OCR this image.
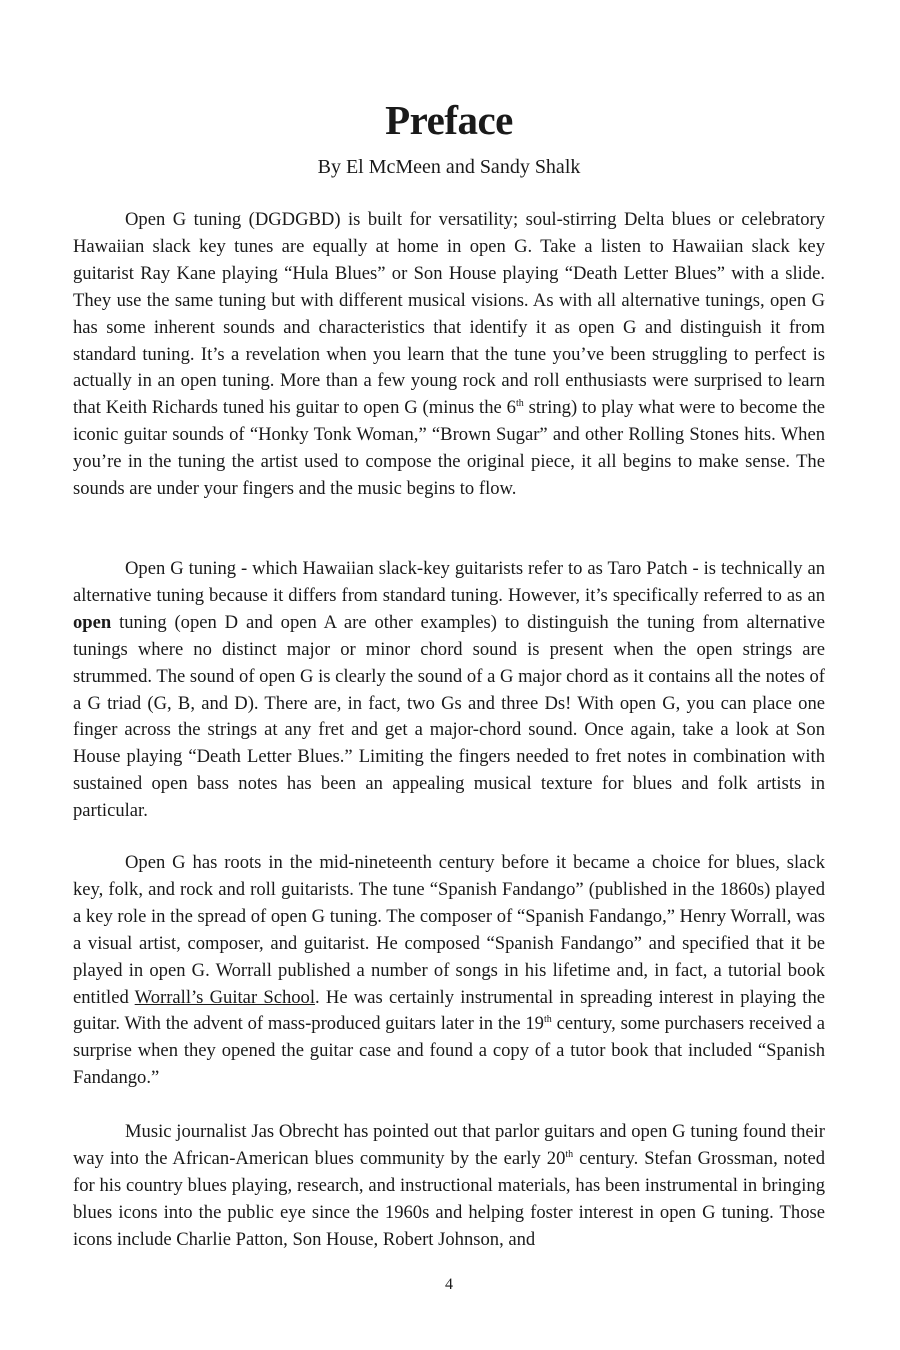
Preface

By El McMeen and Sandy Shalk

Open G tuning (DGDGBD) is built for versatility; soul-stirring Delta blues or celebratory Hawaiian slack key tunes are equally at home in open G. Take a listen to Hawaiian slack key guitarist Ray Kane playing “Hula Blues” or Son House playing “Death Letter Blues” with a slide. They use the same tuning but with different musical visions. As with all alternative tunings, open G has some inherent sounds and characteristics that identify it as open G and distinguish it from standard tuning. It’s a revelation when you learn that the tune you’ve been struggling to perfect is actually in an open tuning. More than a few young rock and roll enthusiasts were surprised to learn that Keith Richards tuned his guitar to open G (minus the 6th string) to play what were to become the iconic guitar sounds of “Honky Tonk Woman,” “Brown Sugar” and other Rolling Stones hits. When you’re in the tuning the artist used to compose the original piece, it all begins to make sense. The sounds are under your fingers and the music begins to flow.

Open G tuning - which Hawaiian slack-key guitarists refer to as Taro Patch - is technically an alternative tuning because it differs from standard tuning. However, it’s specifically referred to as an open tuning (open D and open A are other examples) to distinguish the tuning from alternative tunings where no distinct major or minor chord sound is present when the open strings are strummed. The sound of open G is clearly the sound of a G major chord as it contains all the notes of a G triad (G, B, and D). There are, in fact, two Gs and three Ds! With open G, you can place one finger across the strings at any fret and get a major-chord sound. Once again, take a look at Son House playing “Death Letter Blues.” Limiting the fingers needed to fret notes in combination with sustained open bass notes has been an appealing musical texture for blues and folk artists in particular.

Open G has roots in the mid-nineteenth century before it became a choice for blues, slack key, folk, and rock and roll guitarists. The tune “Spanish Fandango” (published in the 1860s) played a key role in the spread of open G tuning. The composer of “Spanish Fandango,” Henry Worrall, was a visual artist, composer, and guitarist. He composed “Spanish Fandango” and specified that it be played in open G. Worrall published a number of songs in his lifetime and, in fact, a tutorial book entitled Worrall’s Guitar School. He was certainly instrumental in spreading interest in playing the guitar. With the advent of mass-produced guitars later in the 19th century, some purchasers received a surprise when they opened the guitar case and found a copy of a tutor book that included “Spanish Fandango.”

Music journalist Jas Obrecht has pointed out that parlor guitars and open G tuning found their way into the African-American blues community by the early 20th century. Stefan Grossman, noted for his country blues playing, research, and instructional materials, has been instrumental in bringing blues icons into the public eye since the 1960s and helping foster interest in open G tuning. Those icons include Charlie Patton, Son House, Robert Johnson, and

4
